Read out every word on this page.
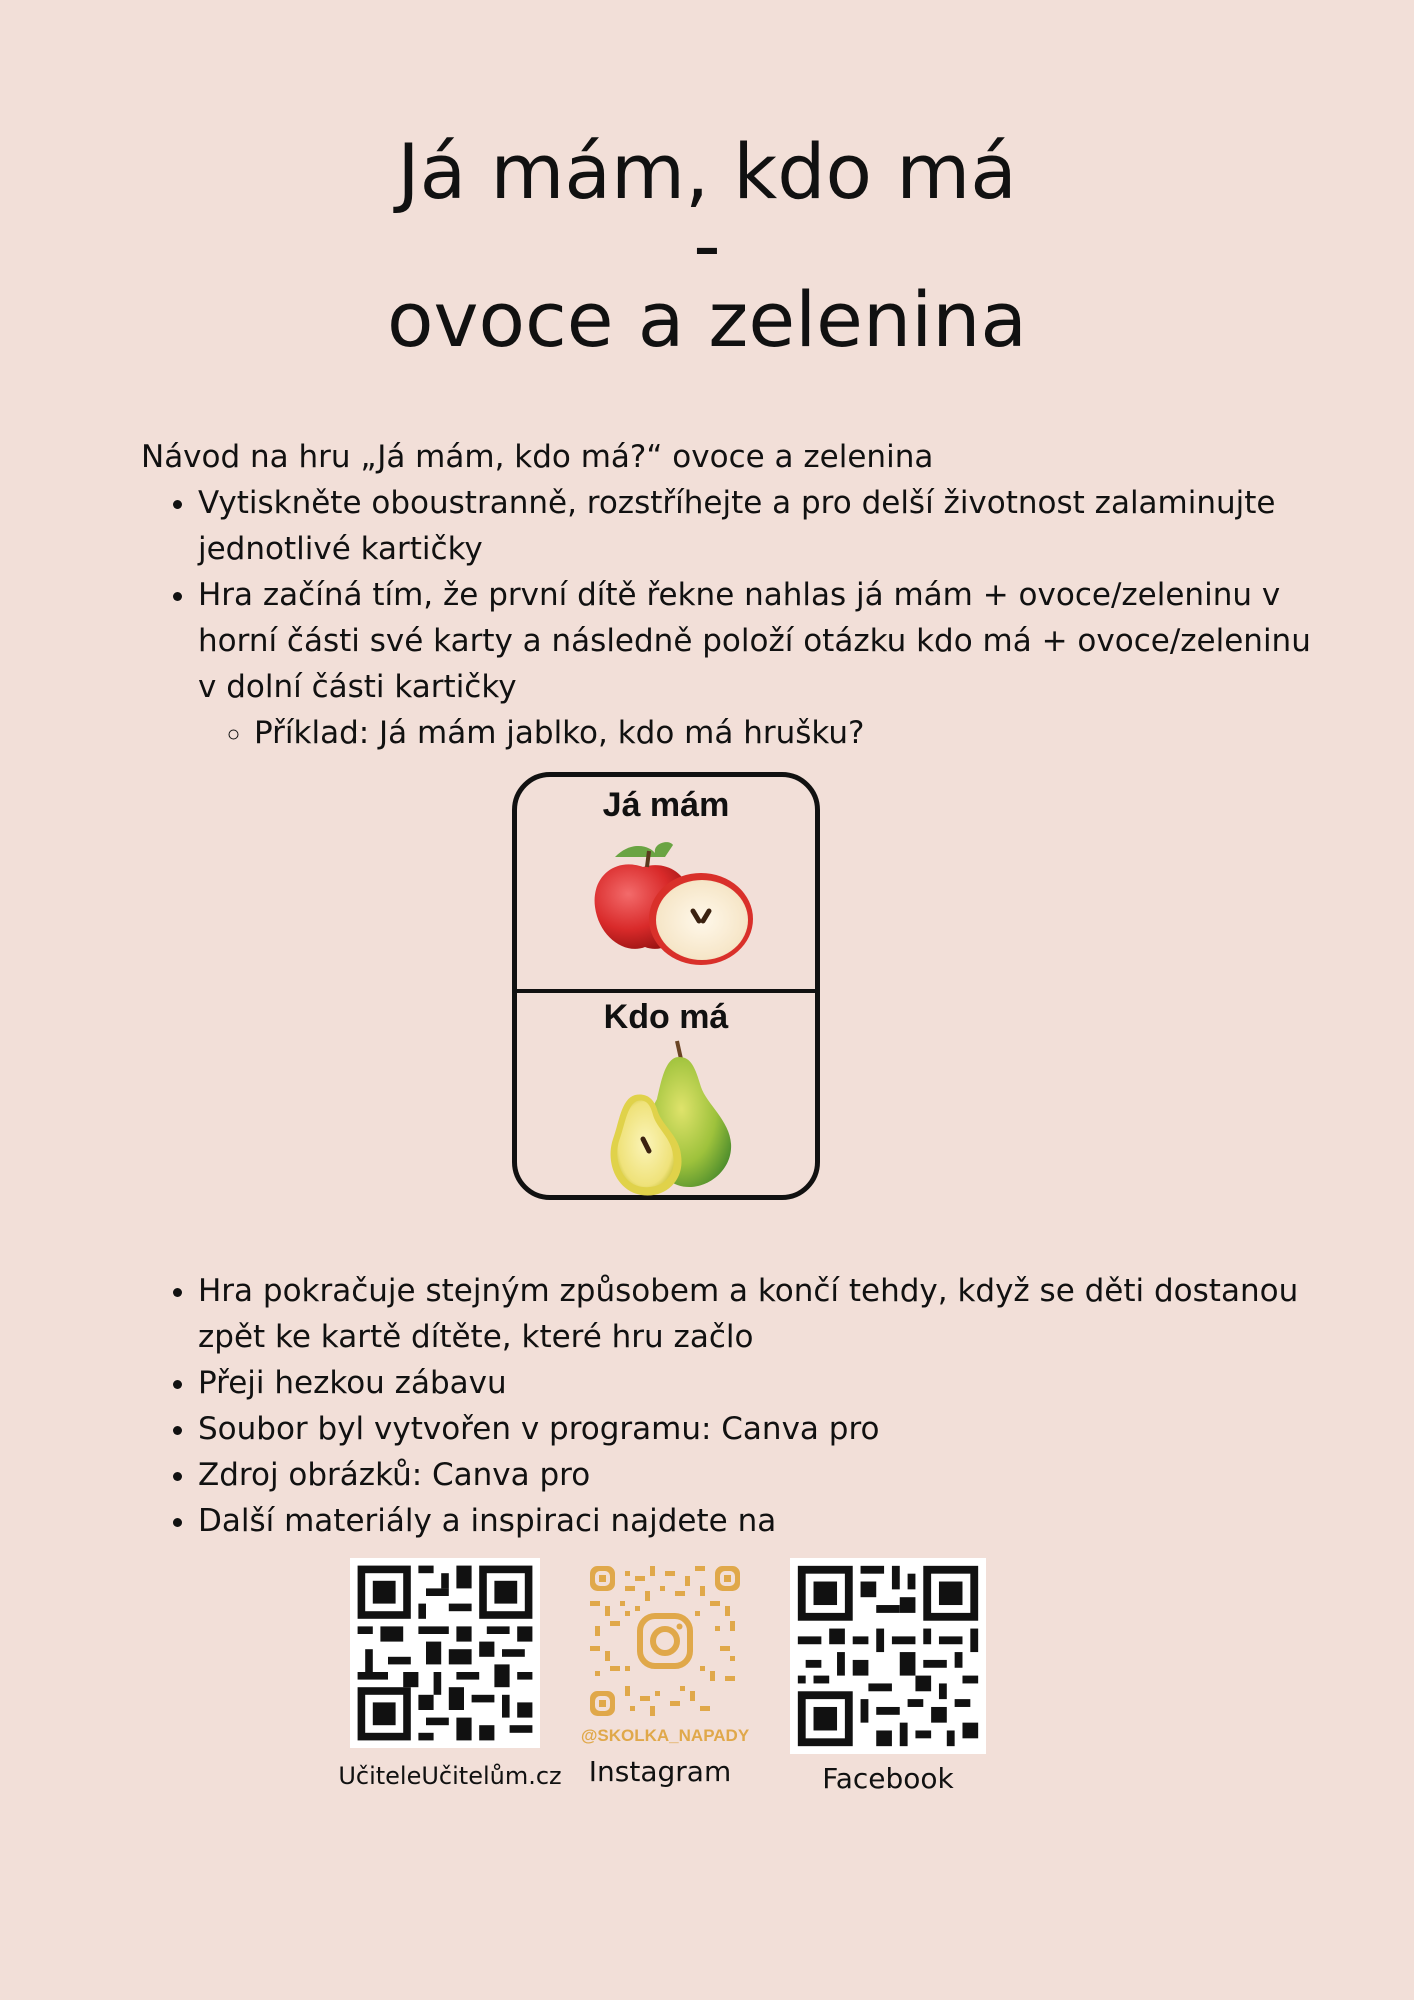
Já mám, kdo má
-
ovoce a zelenina
Návod na hru „Já mám, kdo má?“ ovoce a zelenina
• Vytiskněte oboustranně, rozstříhejte a pro delší životnost zalaminujte jednotlivé kartičky
• Hra začíná tím, že první dítě řekne nahlas já mám + ovoce/zeleninu v horní části své karty a následně položí otázku kdo má + ovoce/zeleninu v dolní části kartičky
◦ Příklad: Já mám jablko, kdo má hrušku?
Já mám
Kdo má
• Hra pokračuje stejným způsobem a končí tehdy, když se děti dostanou zpět ke kartě dítěte, které hru začlo
• Přeji hezkou zábavu
• Soubor byl vytvořen v programu: Canva pro
• Zdroj obrázků: Canva pro
• Další materiály a inspiraci najdete na
UčiteleUčitelům.cz
@SKOLKA_NAPADY
Instagram	Facebook
